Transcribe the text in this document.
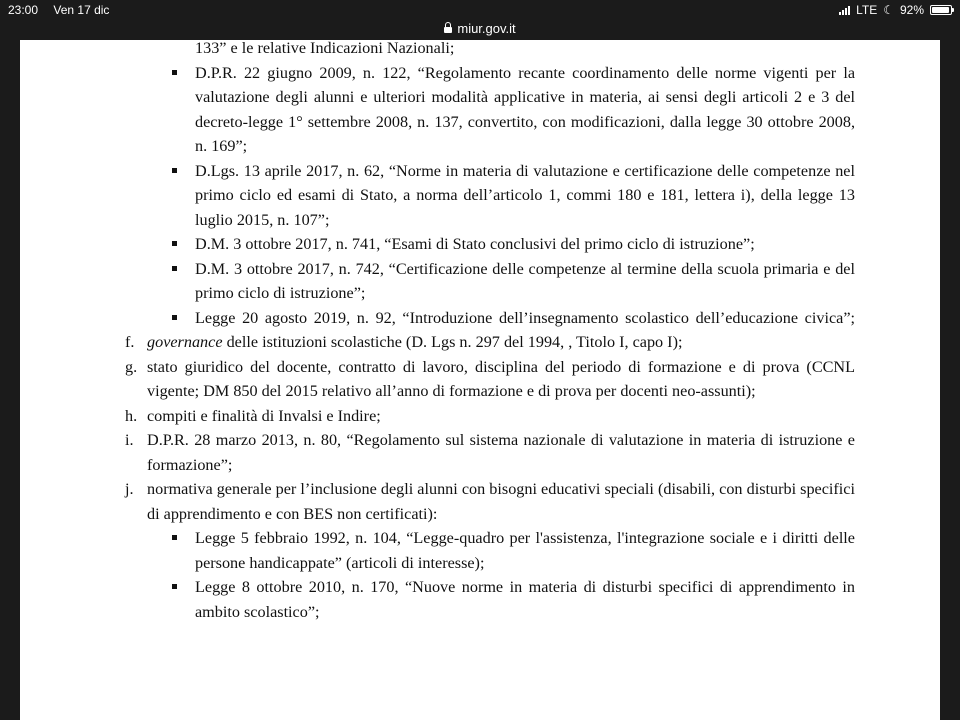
23:00 Ven 17 dic	LTE ☾ 92%
miur.gov.it
133” e le relative Indicazioni Nazionali;
D.P.R. 22 giugno 2009, n. 122, “Regolamento recante coordinamento delle norme vigenti per la valutazione degli alunni e ulteriori modalità applicative in materia, ai sensi degli articoli 2 e 3 del decreto-legge 1° settembre 2008, n. 137, convertito, con modificazioni, dalla legge 30 ottobre 2008, n. 169”;
D.Lgs. 13 aprile 2017, n. 62, “Norme in materia di valutazione e certificazione delle competenze nel primo ciclo ed esami di Stato, a norma dell’articolo 1, commi 180 e 181, lettera i), della legge 13 luglio 2015, n. 107”;
D.M. 3 ottobre 2017, n. 741, “Esami di Stato conclusivi del primo ciclo di istruzione”;
D.M. 3 ottobre 2017, n. 742, “Certificazione delle competenze al termine della scuola primaria e del primo ciclo di istruzione”;
Legge 20 agosto 2019, n. 92, “Introduzione dell’insegnamento scolastico dell’educazione civica”;
f. governance delle istituzioni scolastiche (D. Lgs n. 297 del 1994, , Titolo I, capo I);
g. stato giuridico del docente, contratto di lavoro, disciplina del periodo di formazione e di prova (CCNL vigente; DM 850 del 2015 relativo all’anno di formazione e di prova per docenti neo-assunti);
h. compiti e finalità di Invalsi e Indire;
i. D.P.R. 28 marzo 2013, n. 80, “Regolamento sul sistema nazionale di valutazione in materia di istruzione e formazione”;
j. normativa generale per l’inclusione degli alunni con bisogni educativi speciali (disabili, con disturbi specifici di apprendimento e con BES non certificati):
Legge 5 febbraio 1992, n. 104, “Legge-quadro per l'assistenza, l'integrazione sociale e i diritti delle persone handicappate” (articoli di interesse);
Legge 8 ottobre 2010, n. 170, “Nuove norme in materia di disturbi specifici di apprendimento in ambito scolastico”;
